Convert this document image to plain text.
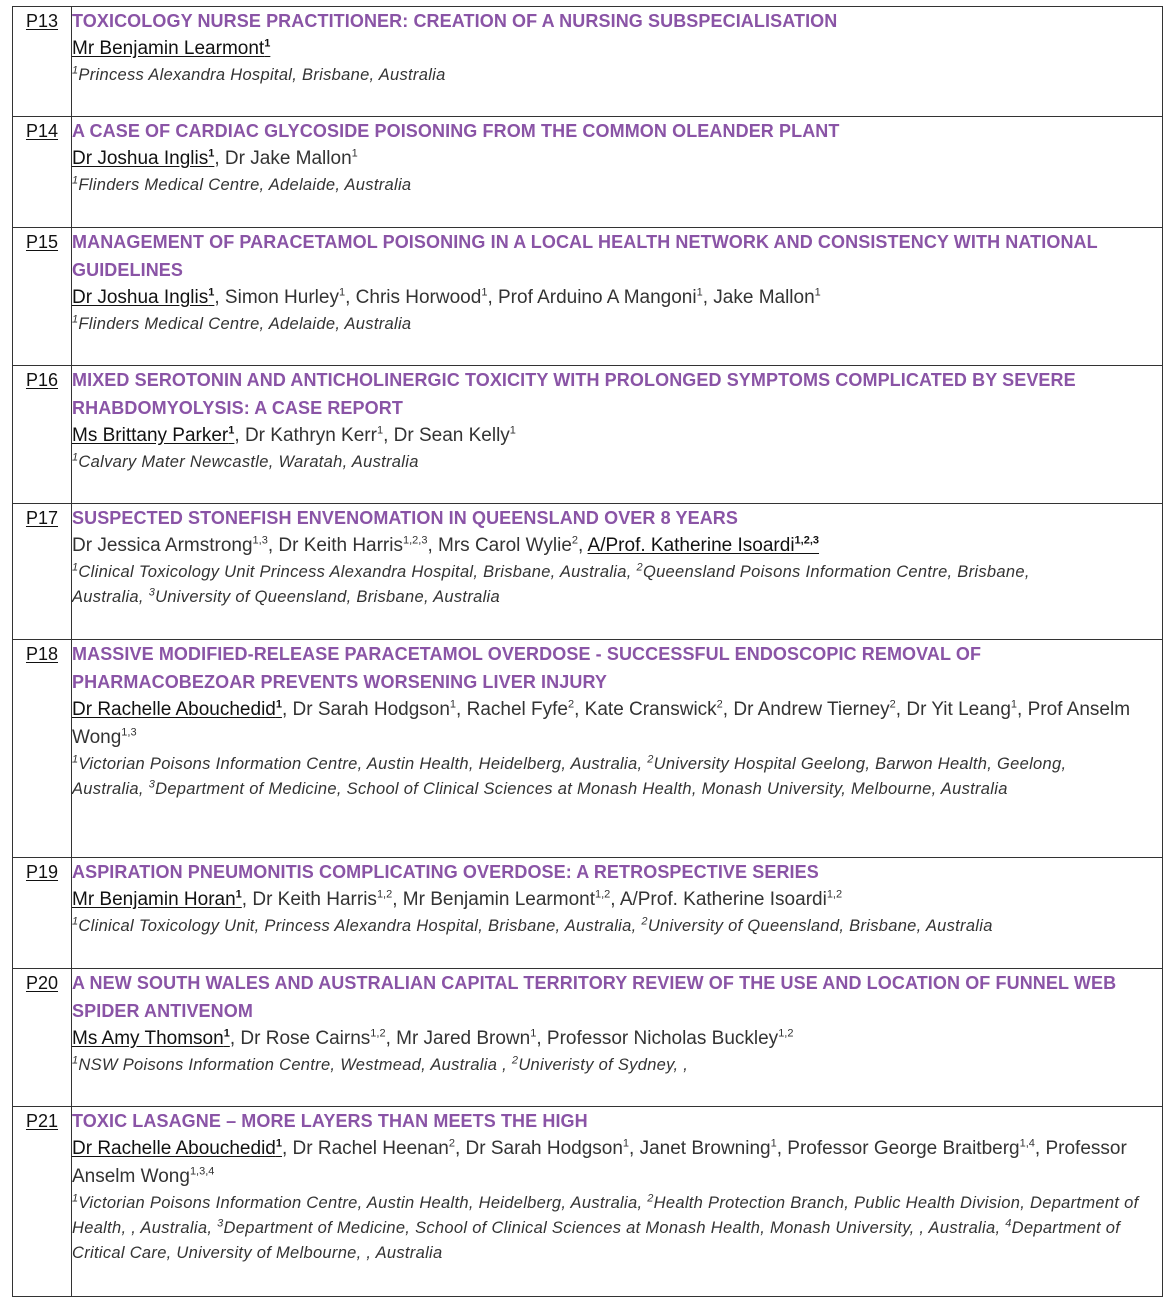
P13	TOXICOLOGY NURSE PRACTITIONER: CREATION OF A NURSING SUBSPECIALISATION
Mr Benjamin Learmont$^1$
$^1$Princess Alexandra Hospital, Brisbane, Australia

P14	A CASE OF CARDIAC GLYCOSIDE POISONING FROM THE COMMON OLEANDER PLANT
Dr Joshua Inglis$^1$, Dr Jake Mallon$^1$
$^1$Flinders Medical Centre, Adelaide, Australia

P15	MANAGEMENT OF PARACETAMOL POISONING IN A LOCAL HEALTH NETWORK AND CONSISTENCY WITH NATIONAL GUIDELINES
Dr Joshua Inglis$^1$, Simon Hurley$^1$, Chris Horwood$^1$, Prof Arduino A Mangoni$^1$, Jake Mallon$^1$
$^1$Flinders Medical Centre, Adelaide, Australia

P16	MIXED SEROTONIN AND ANTICHOLINERGIC TOXICITY WITH PROLONGED SYMPTOMS COMPLICATED BY SEVERE RHABDOMYOLYSIS: A CASE REPORT
Ms Brittany Parker$^1$, Dr Kathryn Kerr$^1$, Dr Sean Kelly$^1$
$^1$Calvary Mater Newcastle, Waratah, Australia

P17	SUSPECTED STONEFISH ENVENOMATION IN QUEENSLAND OVER 8 YEARS
Dr Jessica Armstrong$^{1,3}$, Dr Keith Harris$^{1,2,3}$, Mrs Carol Wylie$^2$, A/Prof. Katherine Isoardi$^{1,2,3}$
$^1$Clinical Toxicology Unit Princess Alexandra Hospital, Brisbane, Australia, $^2$Queensland Poisons Information Centre, Brisbane, Australia, $^3$University of Queensland, Brisbane, Australia

P18	MASSIVE MODIFIED-RELEASE PARACETAMOL OVERDOSE - SUCCESSFUL ENDOSCOPIC REMOVAL OF PHARMACOBEZOAR PREVENTS WORSENING LIVER INJURY
Dr Rachelle Abouchedid$^1$, Dr Sarah Hodgson$^1$, Rachel Fyfe$^2$, Kate Cranswick$^2$, Dr Andrew Tierney$^2$, Dr Yit Leang$^1$, Prof Anselm Wong$^{1,3}$
$^1$Victorian Poisons Information Centre, Austin Health, Heidelberg, Australia, $^2$University Hospital Geelong, Barwon Health, Geelong, Australia, $^3$Department of Medicine, School of Clinical Sciences at Monash Health, Monash University, Melbourne, Australia

P19	ASPIRATION PNEUMONITIS COMPLICATING OVERDOSE: A RETROSPECTIVE SERIES
Mr Benjamin Horan$^1$, Dr Keith Harris$^{1,2}$, Mr Benjamin Learmont$^{1,2}$, A/Prof. Katherine Isoardi$^{1,2}$
$^1$Clinical Toxicology Unit, Princess Alexandra Hospital, Brisbane, Australia, $^2$University of Queensland, Brisbane, Australia

P20	A NEW SOUTH WALES AND AUSTRALIAN CAPITAL TERRITORY REVIEW OF THE USE AND LOCATION OF FUNNEL WEB SPIDER ANTIVENOM
Ms Amy Thomson$^1$, Dr Rose Cairns$^{1,2}$, Mr Jared Brown$^1$, Professor Nicholas Buckley$^{1,2}$
$^1$NSW Poisons Information Centre, Westmead, Australia , $^2$Univeristy of Sydney, ,

P21	TOXIC LASAGNE – MORE LAYERS THAN MEETS THE HIGH
Dr Rachelle Abouchedid$^1$, Dr Rachel Heenan$^2$, Dr Sarah Hodgson$^1$, Janet Browning$^1$, Professor George Braitberg$^{1,4}$, Professor Anselm Wong$^{1,3,4}$
$^1$Victorian Poisons Information Centre, Austin Health, Heidelberg, Australia, $^2$Health Protection Branch, Public Health Division, Department of Health, , Australia, $^3$Department of Medicine, School of Clinical Sciences at Monash Health, Monash University, , Australia, $^4$Department of Critical Care, University of Melbourne, , Australia
